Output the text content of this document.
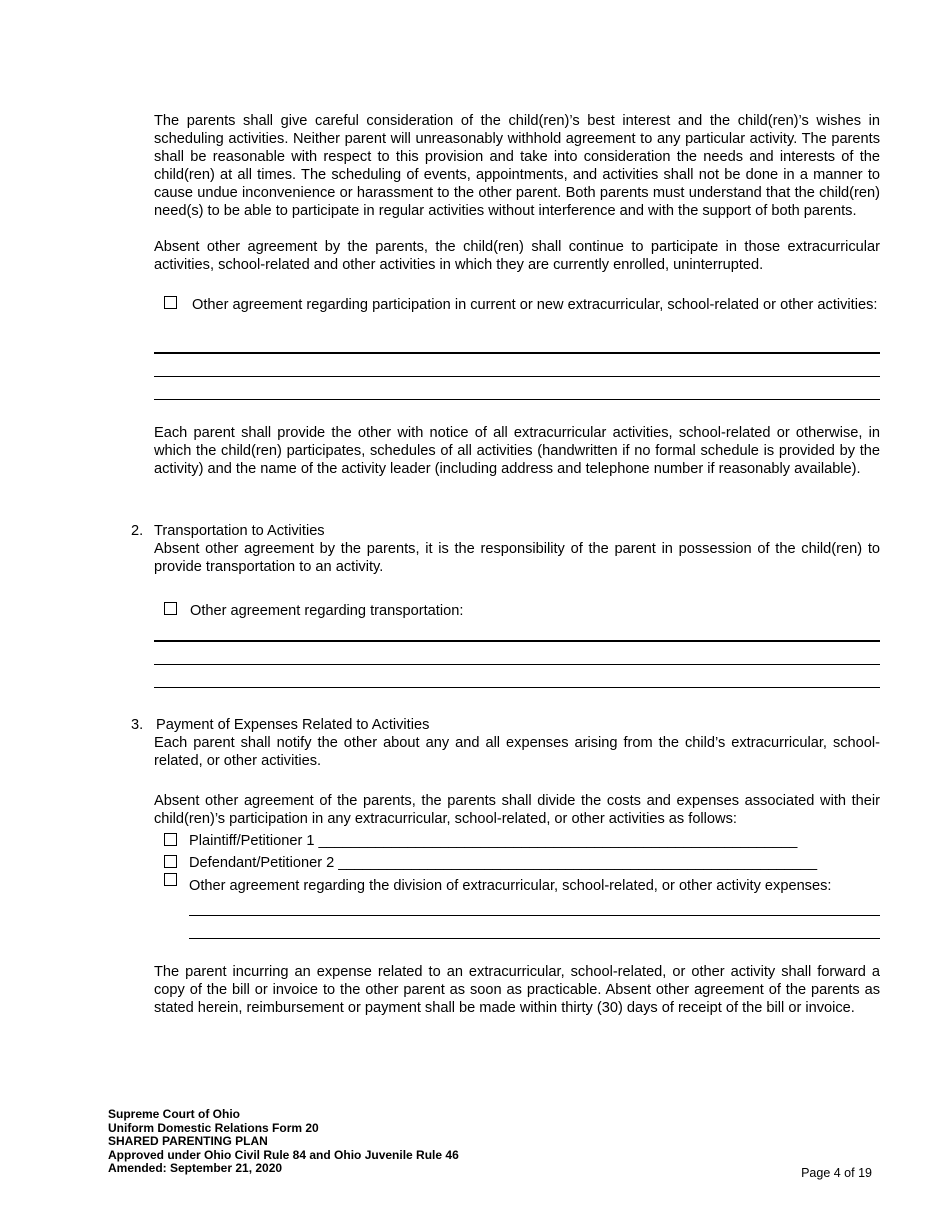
The parents shall give careful consideration of the child(ren)’s best interest and the child(ren)’s wishes in scheduling activities. Neither parent will unreasonably withhold agreement to any particular activity. The parents shall be reasonable with respect to this provision and take into consideration the needs and interests of the child(ren) at all times. The scheduling of events, appointments, and activities shall not be done in a manner to cause undue inconvenience or harassment to the other parent. Both parents must understand that the child(ren) need(s) to be able to participate in regular activities without interference and with the support of both parents.
Absent other agreement by the parents, the child(ren) shall continue to participate in those extracurricular activities, school-related and other activities in which they are currently enrolled, uninterrupted.
Other agreement regarding participation in current or new extracurricular, school-related or other activities:
Each parent shall provide the other with notice of all extracurricular activities, school-related or otherwise, in which the child(ren) participates, schedules of all activities (handwritten if no formal schedule is provided by the activity) and the name of the activity leader (including address and telephone number if reasonably available).
2. Transportation to Activities
Absent other agreement by the parents, it is the responsibility of the parent in possession of the child(ren) to provide transportation to an activity.
Other agreement regarding transportation:
3. Payment of Expenses Related to Activities
Each parent shall notify the other about any and all expenses arising from the child’s extracurricular, school-related, or other activities.
Absent other agreement of the parents, the parents shall divide the costs and expenses associated with their child(ren)’s participation in any extracurricular, school-related, or other activities as follows:
Plaintiff/Petitioner 1 ___________________________________________________________
Defendant/Petitioner 2 ___________________________________________________________
Other agreement regarding the division of extracurricular, school-related, or other activity expenses:
The parent incurring an expense related to an extracurricular, school-related, or other activity shall forward a copy of the bill or invoice to the other parent as soon as practicable. Absent other agreement of the parents as stated herein, reimbursement or payment shall be made within thirty (30) days of receipt of the bill or invoice.
Supreme Court of Ohio
Uniform Domestic Relations Form 20
SHARED PARENTING PLAN
Approved under Ohio Civil Rule 84 and Ohio Juvenile Rule 46
Amended: September 21, 2020	Page 4 of 19
